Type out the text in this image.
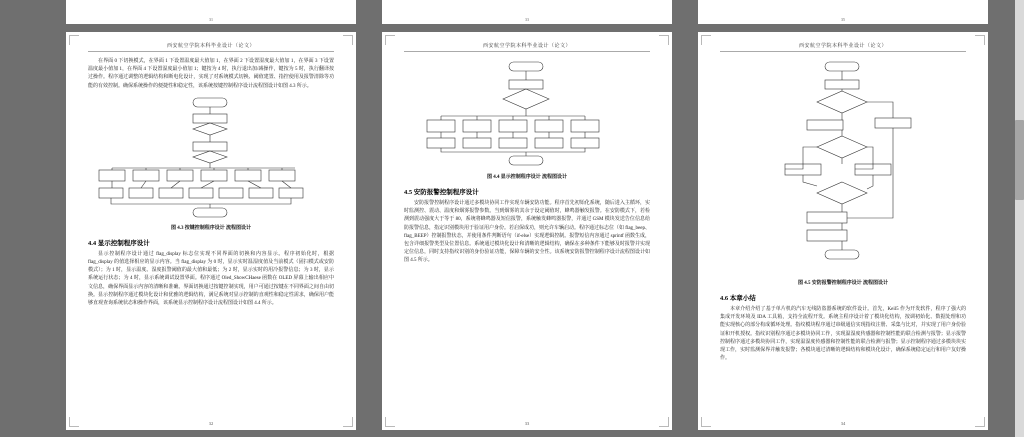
31	33	35
西安航空学院本科毕业设计（论文）

在界面 0 下切换模式，在界面 1 下设置温度最大值加 1，在界面 2 下设置湿度最大值加 1，在界面 3 下设置温度最小值加 1，在界面 4 下设置湿度最小值加 1；键按为 4 时，执行退出加/减操作，键按为 5 时，执行翻译按过操作。程序通过调整的逻辑结构和断电化设计，实现了对系统模式切换、阈值建置、指控使用及报警清除等功能的有效控制。确保系统操作的便捷性和稳定性，该系统按键控制程序设计流程图设计如图 4.3 所示。

图 4.3 按键控制程序设计 流程图设计
4.4 显示控制程序设计

显示控制程序设计通过 flag_display 标志位实现不同界面的切换和内容显示。程序初始化时，根据 flag_display 的值选择相应的显示内容。当 flag_display 为 0 时，显示实时温湿度值及当前模式（固扫模式或安防模式）；为 1 时，显示温度、湿度报警阈值的最大值和最低；为 2 时，显示实时的用冷报警信息；为 3 时，显示系统运行状态；为 4 时，显示系统调试设置界面。程序通过 Oled_ShowCHaese 函数在 OLED 屏幕上输出相应中文信息，确保界面显示内容的清晰和准确。界面切换通过按键控制实现，用户可通过按键在不同界面之间自由切换。显示控制程序通过模块化设计和优雅的逻辑结构，满足系统对显示控制的直观性和稳定性需求，确保用户能够直观查询系统状态和操作界面，该系统显示控制程序设计流程图设计如图 4.4 所示。

32
西安航空学院本科毕业设计（论文）
图 4.4 显示控制程序设计 流程图设计
4.5 安防报警控制程序设计

安防报警控制程序设计通过多模块协同工作实现车辆安防功能。程序首先初始化系统，随后进入主循环，实时监测控、震动、温度和烟雾报警参数。当到烟雾的其余于设定阈值时，蜂鸣器触发报警。在安防模式下，若检测到震动强度大于等于 80，系统将蜂鸣器及短信报警，系统触发蜂鸣器报警，并通过 GSM 模块发送告位信息给防报警信息，指定识别模块用于验证用户身份。若启保成功，则允许车辆启动。程序通过标志位（如 flag_beep、flag_BEEP）控制报警状态，并使用条件判断语句（if-else）实现逻辑控制。报警短信内容通过 sprintf 函数生成，包含详细报警类型及位置信息。系统通过模块化设计和清晰的逻辑结构，确保在多种条件下能够及时报警并实现定位信息，同时支持指纹识别的身份验证功能，保障车辆的安全性。该系统安防报警控制程序设计流程图设计如图 4.5 所示。

33
西安航空学院本科毕业设计（论文）
图 4.5 安防报警控制程序设计 流程图设计
4.6 本章小结

本章介绍介绍了基于单片机的汽车无线防盗器系统的软件设计。首先，Keil5 作为开发软件，程序了强大的集成开发环境及 IDA 工具箱，支持全流程开发。系统主程序设计着了模块化结构，按调初始化、数据处理和功能实现核心的部分构成循环处理。指纹模块程序通过串级通信实现指纹注册、采集与比对，并实现了用户身份验证和开机授权。指纹识别程序通过多模块协同工作，实现温湿度传感器和控制性能的联合检测与报警；显示报警控制程序通过多模块协同工作，实现温湿度传感器和控制性能的联合检测与报警；显示控制程序通过多模块块实现工作，实时监测保界并触发报警；各模块通过清晰的逻辑结构和模块化设计，确保系统稳定运行和用户友好操作。

34
